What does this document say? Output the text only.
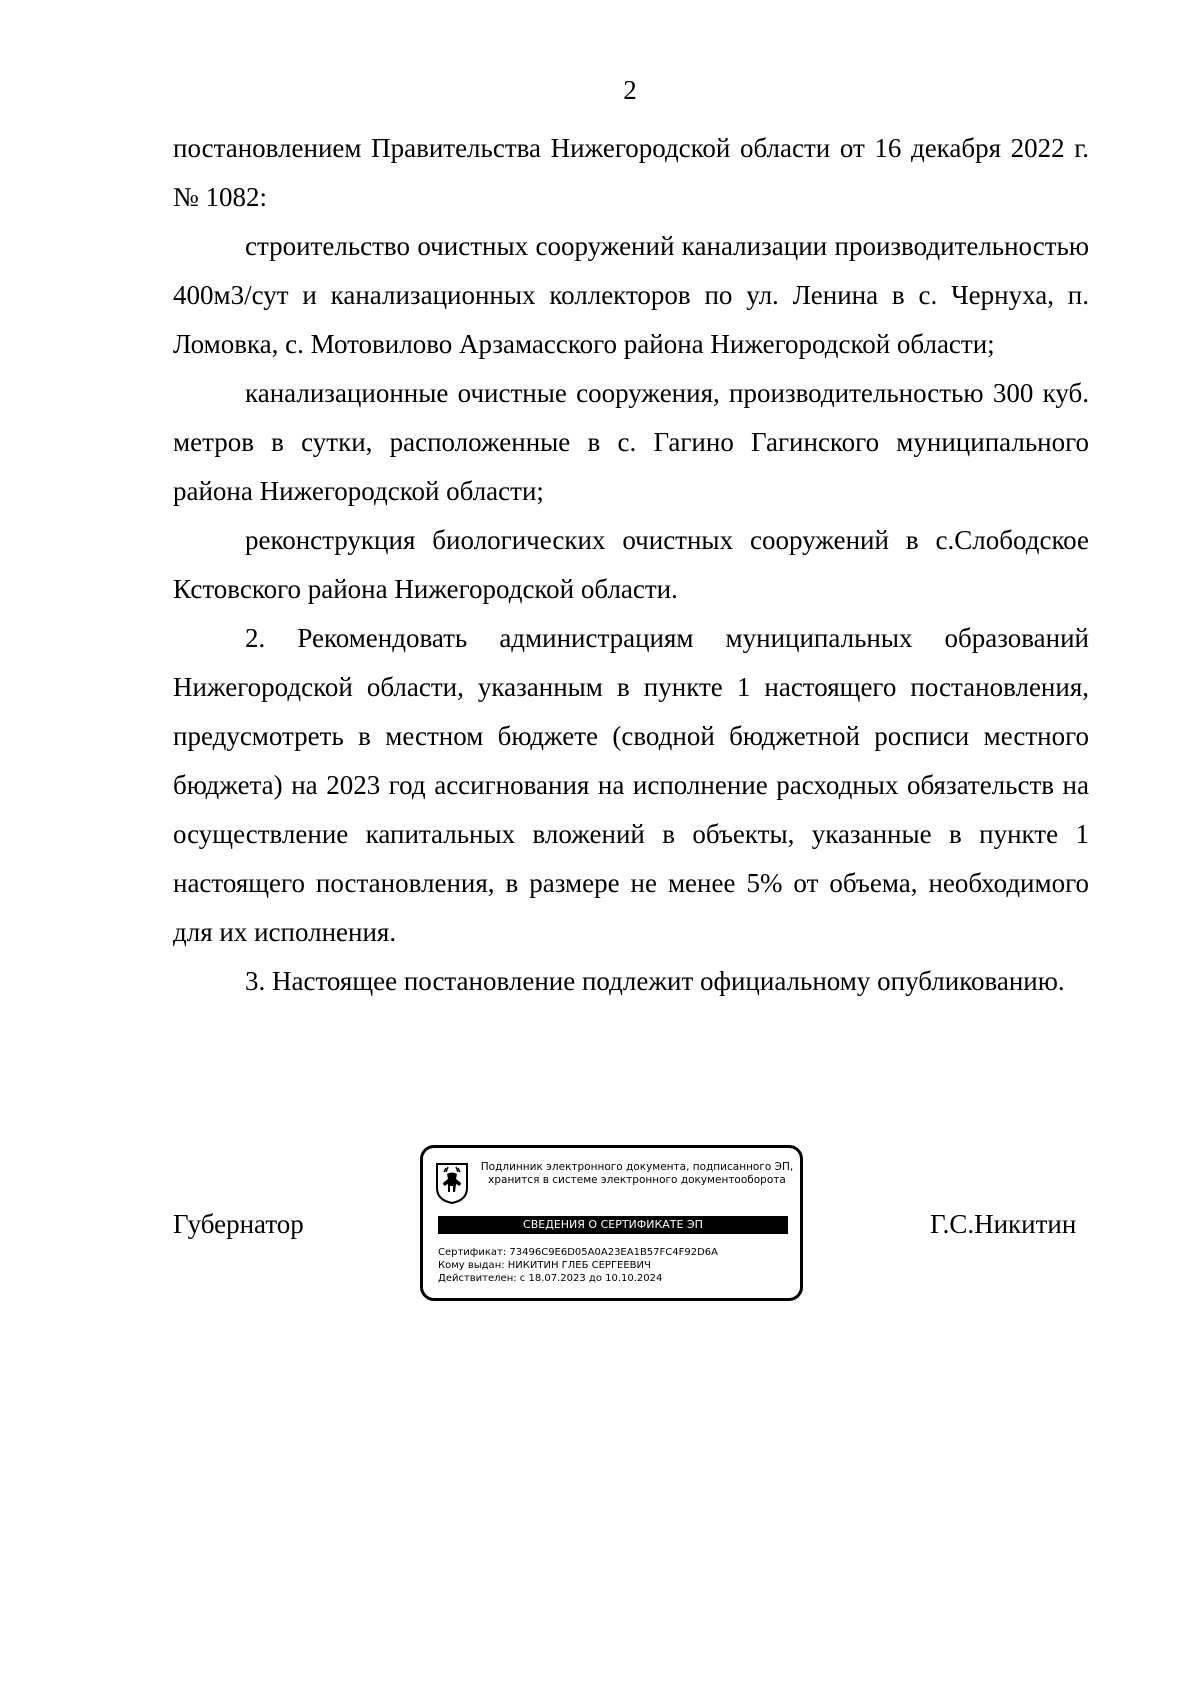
2

постановлением Правительства Нижегородской области от 16 декабря 2022 г. № 1082:

строительство очистных сооружений канализации производительностью 400м3/сут и канализационных коллекторов по ул. Ленина в с. Чернуха, п. Ломовка, с. Мотовилово Арзамасского района Нижегородской области;

канализационные очистные сооружения, производительностью 300 куб. метров в сутки, расположенные в с. Гагино Гагинского муниципального района Нижегородской области;

реконструкция биологических очистных сооружений в с.Слободское Кстовского района Нижегородской области.

2. Рекомендовать администрациям муниципальных образований Нижегородской области, указанным в пункте 1 настоящего постановления, предусмотреть в местном бюджете (сводной бюджетной росписи местного бюджета) на 2023 год ассигнования на исполнение расходных обязательств на осуществление капитальных вложений в объекты, указанные в пункте 1 настоящего постановления, в размере не менее 5% от объема, необходимого для их исполнения.

3. Настоящее постановление подлежит официальному опубликованию.

Губернатор
Подлинник электронного документа, подписанного ЭП,
хранится в системе электронного документооборота
СВЕДЕНИЯ О СЕРТИФИКАТЕ ЭП
Сертификат: 73496C9E6D05A0A23EA1B57FC4F92D6A
Кому выдан: НИКИТИН ГЛЕБ СЕРГЕЕВИЧ
Действителен: с 18.07.2023 до 10.10.2024
Г.С.Никитин
